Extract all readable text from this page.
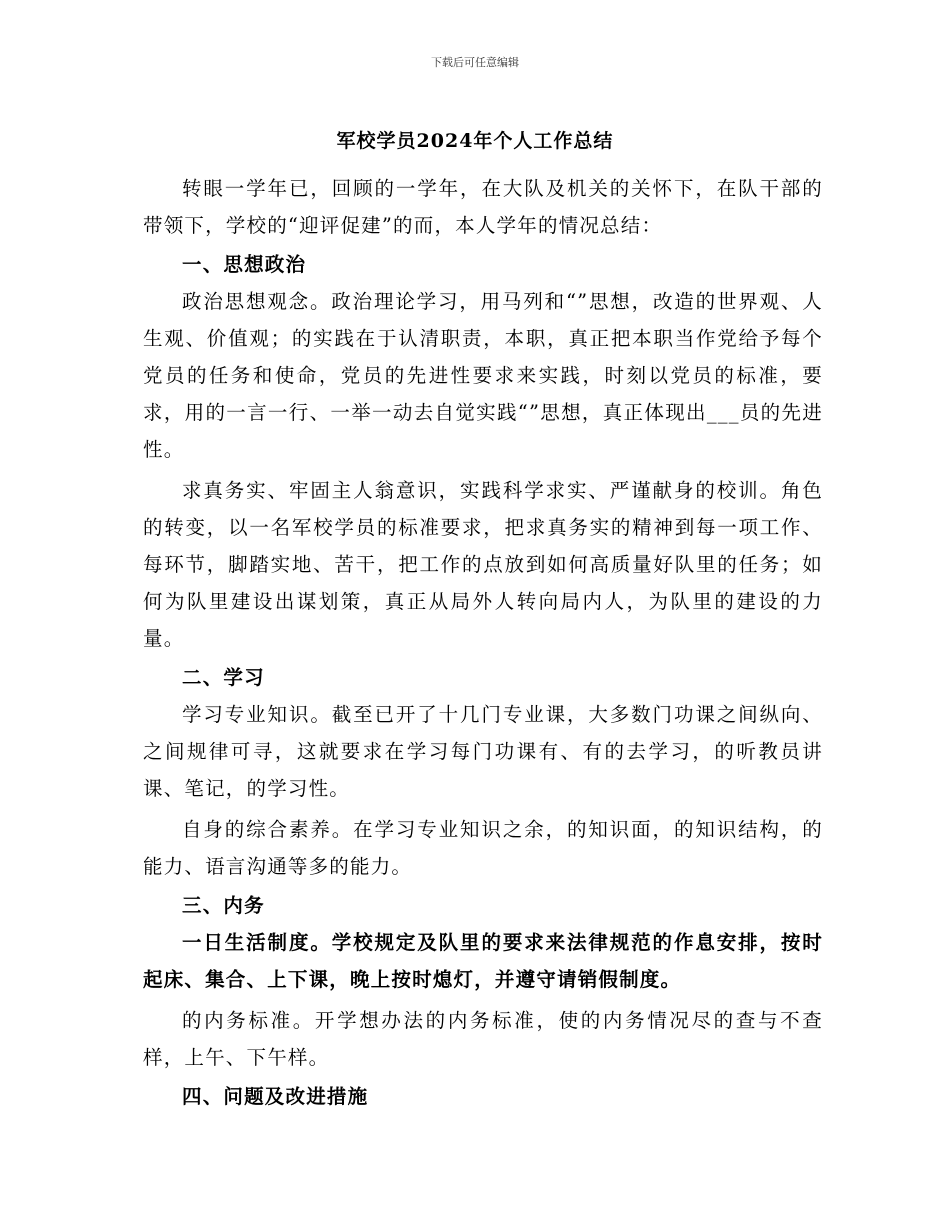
下载后可任意编辑
军校学员2024年个人工作总结

转眼一学年已，回顾的一学年，在大队及机关的关怀下，在队干部的带领下，学校的“迎评促建”的而，本人学年的情况总结：

一、思想政治

政治思想观念。政治理论学习，用马列和“”思想，改造的世界观、人生观、价值观；的实践在于认清职责，本职，真正把本职当作党给予每个党员的任务和使命，党员的先进性要求来实践，时刻以党员的标准，要求，用的一言一行、一举一动去自觉实践“”思想，真正体现出___员的先进性。

求真务实、牢固主人翁意识，实践科学求实、严谨献身的校训。角色的转变，以一名军校学员的标准要求，把求真务实的精神到每一项工作、每环节，脚踏实地、苦干，把工作的点放到如何高质量好队里的任务；如何为队里建设出谋划策，真正从局外人转向局内人，为队里的建设的力量。

二、学习

学习专业知识。截至已开了十几门专业课，大多数门功课之间纵向、之间规律可寻，这就要求在学习每门功课有、有的去学习，的听教员讲课、笔记，的学习性。

自身的综合素养。在学习专业知识之余，的知识面，的知识结构，的能力、语言沟通等多的能力。

三、内务

一日生活制度。学校规定及队里的要求来法律规范的作息安排，按时起床、集合、上下课，晚上按时熄灯，并遵守请销假制度。

的内务标准。开学想办法的内务标准，使的内务情况尽的查与不查样，上午、下午样。

四、问题及改进措施
